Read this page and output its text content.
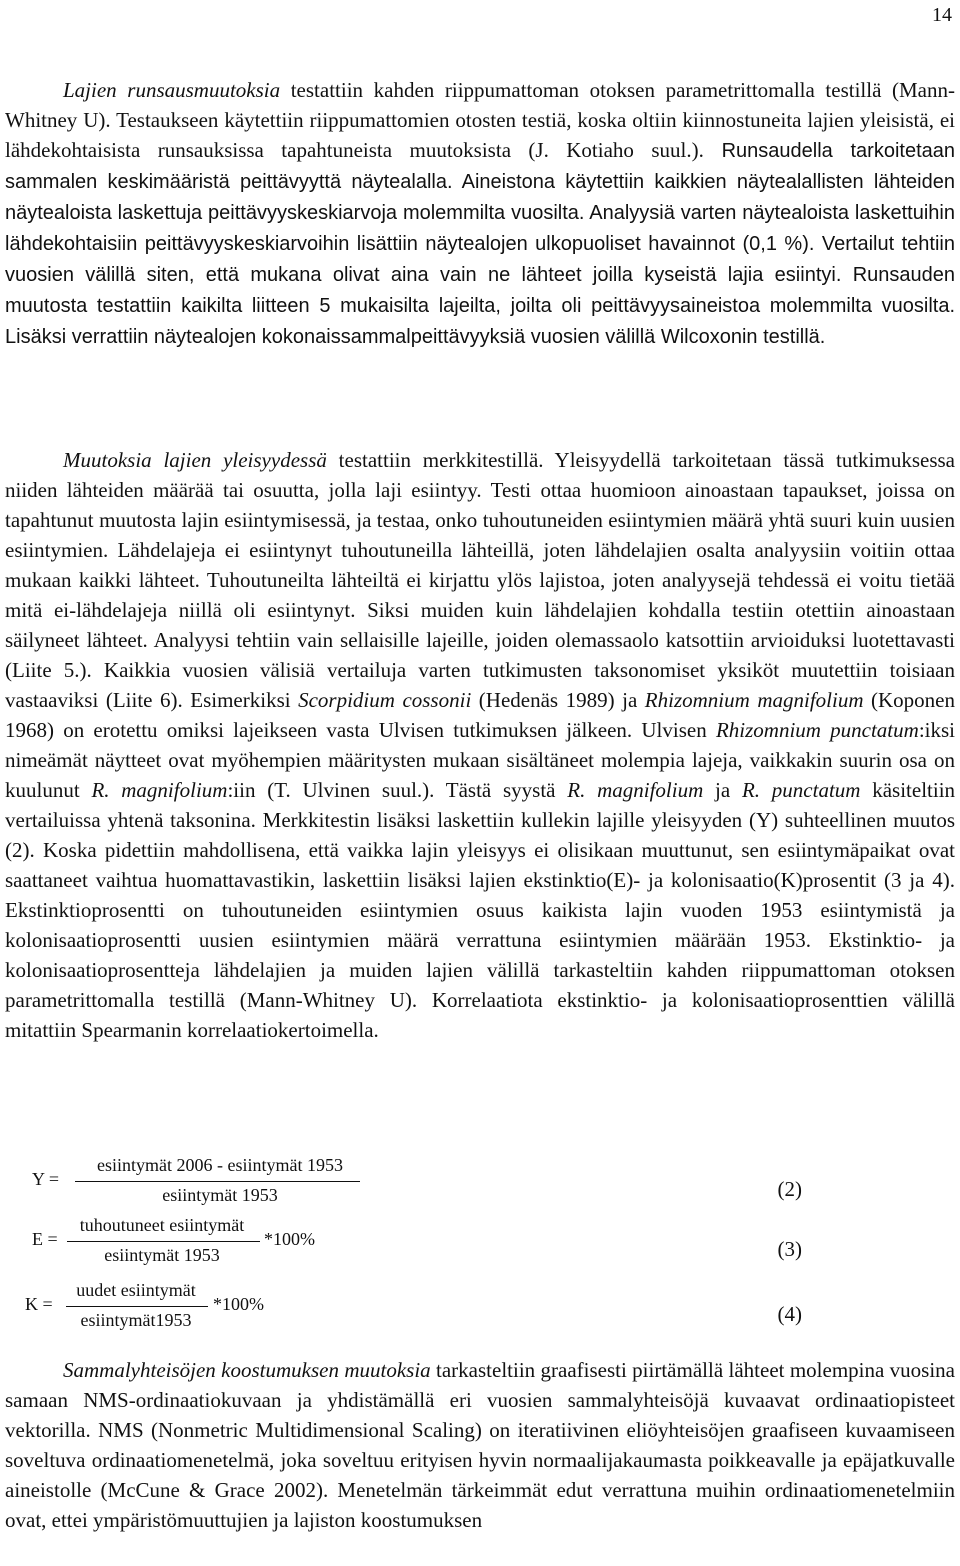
14

Lajien runsausmuutoksia testattiin kahden riippumattoman otoksen parametrittomalla testillä (Mann-Whitney U). Testaukseen käytettiin riippumattomien otosten testiä, koska oltiin kiinnostuneita lajien yleisistä, ei lähdekohtaisista runsauksissa tapahtuneista muutoksista (J. Kotiaho suul.). Runsaudella tarkoitetaan sammalen keskimääristä peittävyyttä näytealalla. Aineistona käytettiin kaikkien näytealallisten lähteiden näytealoista laskettuja peittävyyskeskiarvoja molemmilta vuosilta. Analyysiä varten näytealoista laskettuihin lähdekohtaisiin peittävyyskeskiarvoihin lisättiin näytealojen ulkopuoliset havainnot (0,1 %). Vertailut tehtiin vuosien välillä siten, että mukana olivat aina vain ne lähteet joilla kyseistä lajia esiintyi. Runsauden muutosta testattiin kaikilta liitteen 5 mukaisilta lajeilta, joilta oli peittävyysaineistoa molemmilta vuosilta. Lisäksi verrattiin näytealojen kokonaissammalpeittävyyksiä vuosien välillä Wilcoxonin testillä.

Muutoksia lajien yleisyydessä testattiin merkkitestillä. Yleisyydellä tarkoitetaan tässä tutkimuksessa niiden lähteiden määrää tai osuutta, jolla laji esiintyy. Testi ottaa huomioon ainoastaan tapaukset, joissa on tapahtunut muutosta lajin esiintymisessä, ja testaa, onko tuhoutuneiden esiintymien määrä yhtä suuri kuin uusien esiintymien. Lähdelajeja ei esiintynyt tuhoutuneilla lähteillä, joten lähdelajien osalta analyysiin voitiin ottaa mukaan kaikki lähteet. Tuhoutuneilta lähteiltä ei kirjattu ylös lajistoa, joten analyysejä tehdessä ei voitu tietää mitä ei-lähdelajeja niillä oli esiintynyt. Siksi muiden kuin lähdelajien kohdalla testiin otettiin ainoastaan säilyneet lähteet. Analyysi tehtiin vain sellaisille lajeille, joiden olemassaolo katsottiin arvioiduksi luotettavasti (Liite 5.). Kaikkia vuosien välisiä vertailuja varten tutkimusten taksonomiset yksiköt muutettiin toisiaan vastaaviksi (Liite 6). Esimerkiksi Scorpidium cossonii (Hedenäs 1989) ja Rhizomnium magnifolium (Koponen 1968) on erotettu omiksi lajeikseen vasta Ulvisen tutkimuksen jälkeen. Ulvisen Rhizomnium punctatum:iksi nimeämät näytteet ovat myöhempien määritysten mukaan sisältäneet molempia lajeja, vaikkakin suurin osa on kuulunut R. magnifolium:iin (T. Ulvinen suul.). Tästä syystä R. magnifolium ja R. punctatum käsiteltiin vertailuissa yhtenä taksonina. Merkkitestin lisäksi laskettiin kullekin lajille yleisyyden (Y) suhteellinen muutos (2). Koska pidettiin mahdollisena, että vaikka lajin yleisyys ei olisikaan muuttunut, sen esiintymäpaikat ovat saattaneet vaihtua huomattavastikin, laskettiin lisäksi lajien ekstinktio(E)- ja kolonisaatio(K)prosentit (3 ja 4). Ekstinktioprosentti on tuhoutuneiden esiintymien osuus kaikista lajin vuoden 1953 esiintymistä ja kolonisaatioprosentti uusien esiintymien määrä verrattuna esiintymien määrään 1953. Ekstinktio- ja kolonisaatioprosentteja lähdelajien ja muiden lajien välillä tarkasteltiin kahden riippumattoman otoksen parametrittomalla testillä (Mann-Whitney U). Korrelaatiota ekstinktio- ja kolonisaatioprosenttien välillä mitattiin Spearmanin korrelaatiokertoimella.

Y =
esiintymät 2006 - esiintymät 1953
esiintymät 1953	(2)
E =
tuhoutuneet esiintymät
esiintymät 1953
*100%	(3)
K =
uudet esiintymät
esiintymät1953
*100%	(4)

Sammalyhteisöjen koostumuksen muutoksia tarkasteltiin graafisesti piirtämällä lähteet molempina vuosina samaan NMS-ordinaatiokuvaan ja yhdistämällä eri vuosien sammalyhteisöjä kuvaavat ordinaatiopisteet vektorilla. NMS (Nonmetric Multidimensional Scaling) on iteratiivinen eliöyhteisöjen graafiseen kuvaamiseen soveltuva ordinaatiomenetelmä, joka soveltuu erityisen hyvin normaalijakaumasta poikkeavalle ja epäjatkuvalle aineistolle (McCune & Grace 2002). Menetelmän tärkeimmät edut verrattuna muihin ordinaatiomenetelmiin ovat, ettei ympäristömuuttujien ja lajiston koostumuksen
